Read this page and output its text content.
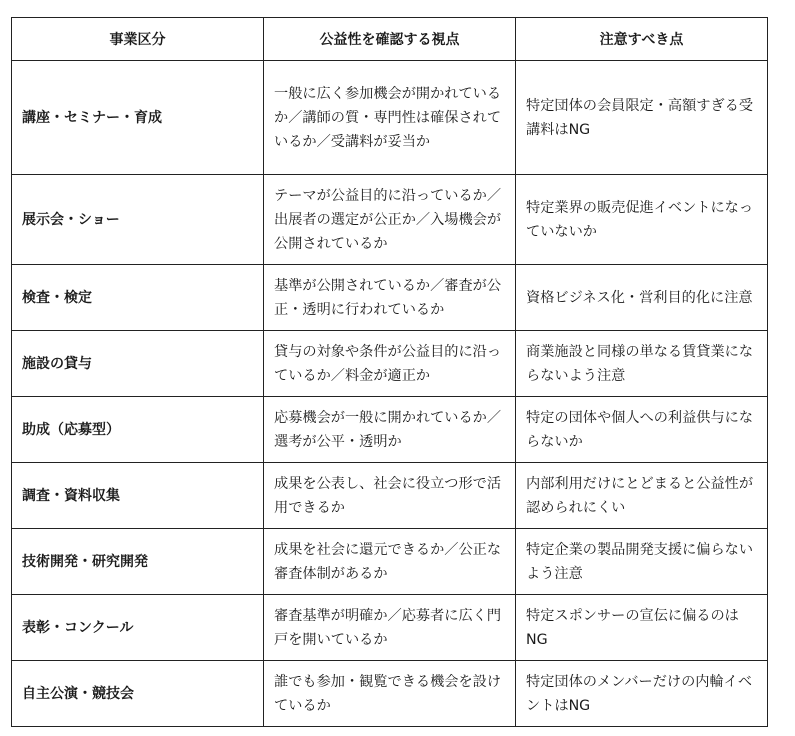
事業区分	公益性を確認する視点	注意すべき点
講座・セミナー・育成	一般に広く参加機会が開かれているか／講師の質・専門性は確保されているか／受講料が妥当か	特定団体の会員限定・高額すぎる受講料はNG
展示会・ショー	テーマが公益目的に沿っているか／出展者の選定が公正か／入場機会が公開されているか	特定業界の販売促進イベントになっていないか
検査・検定	基準が公開されているか／審査が公正・透明に行われているか	資格ビジネス化・営利目的化に注意
施設の貸与	貸与の対象や条件が公益目的に沿っているか／料金が適正か	商業施設と同様の単なる賃貸業にならないよう注意
助成（応募型）	応募機会が一般に開かれているか／選考が公平・透明か	特定の団体や個人への利益供与にならないか
調査・資料収集	成果を公表し、社会に役立つ形で活用できるか	内部利用だけにとどまると公益性が認められにくい
技術開発・研究開発	成果を社会に還元できるか／公正な審査体制があるか	特定企業の製品開発支援に偏らないよう注意
表彰・コンクール	審査基準が明確か／応募者に広く門戸を開いているか	特定スポンサーの宣伝に偏るのはNG
自主公演・競技会	誰でも参加・観覧できる機会を設けているか	特定団体のメンバーだけの内輪イベントはNG
